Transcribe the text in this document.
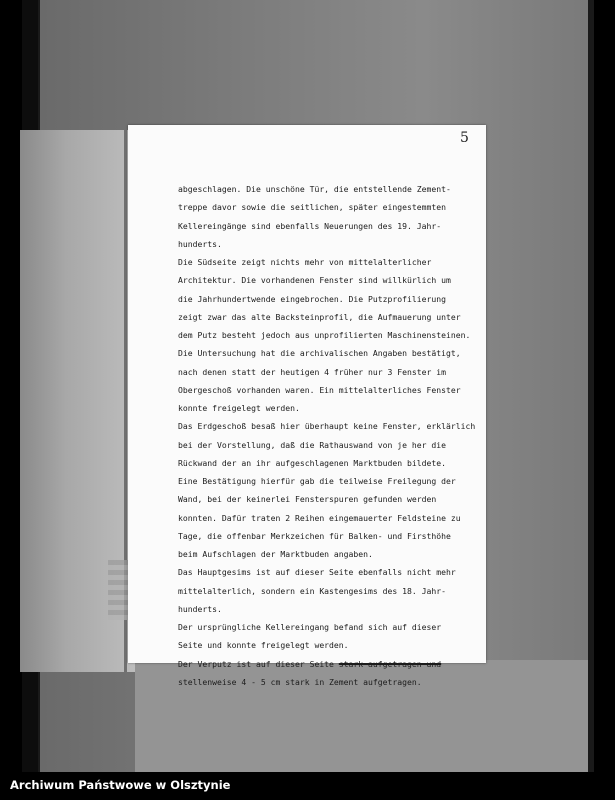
5
abgeschlagen. Die unschöne Tür, die entstellende Zement-
treppe davor sowie die seitlichen, später eingestemmten
Kellereingänge sind ebenfalls Neuerungen des 19. Jahr-
hunderts.
Die Südseite zeigt nichts mehr von mittelalterlicher
Architektur. Die vorhandenen Fenster sind willkürlich um
die Jahrhundertwende eingebrochen. Die Putzprofilierung
zeigt zwar das alte Backsteinprofil, die Aufmauerung unter
dem Putz besteht jedoch aus unprofilierten Maschinensteinen.
Die Untersuchung hat die archivalischen Angaben bestätigt,
nach denen statt der heutigen 4 früher nur 3 Fenster im
Obergeschoß vorhanden waren. Ein mittelalterliches Fenster
konnte freigelegt werden.
Das Erdgeschoß besaß hier überhaupt keine Fenster, erklärlich
bei der Vorstellung, daß die Rathauswand von je her die
Rückwand der an ihr aufgeschlagenen Marktbuden bildete.
Eine Bestätigung hierfür gab die teilweise Freilegung der
Wand, bei der keinerlei Fensterspuren gefunden werden
konnten. Dafür traten 2 Reihen eingemauerter Feldsteine zu
Tage, die offenbar Merkzeichen für Balken- und Firsthöhe
beim Aufschlagen der Marktbuden angaben.
Das Hauptgesims ist auf dieser Seite ebenfalls nicht mehr
mittelalterlich, sondern ein Kastengesims des 18. Jahr-
hunderts.
Der ursprüngliche Kellereingang befand sich auf dieser
Seite und konnte freigelegt werden.
Der Verputz ist auf dieser Seite stark aufgetragen und
stellenweise 4 - 5 cm stark in Zement aufgetragen.
Archiwum Państwowe w Olsztynie
